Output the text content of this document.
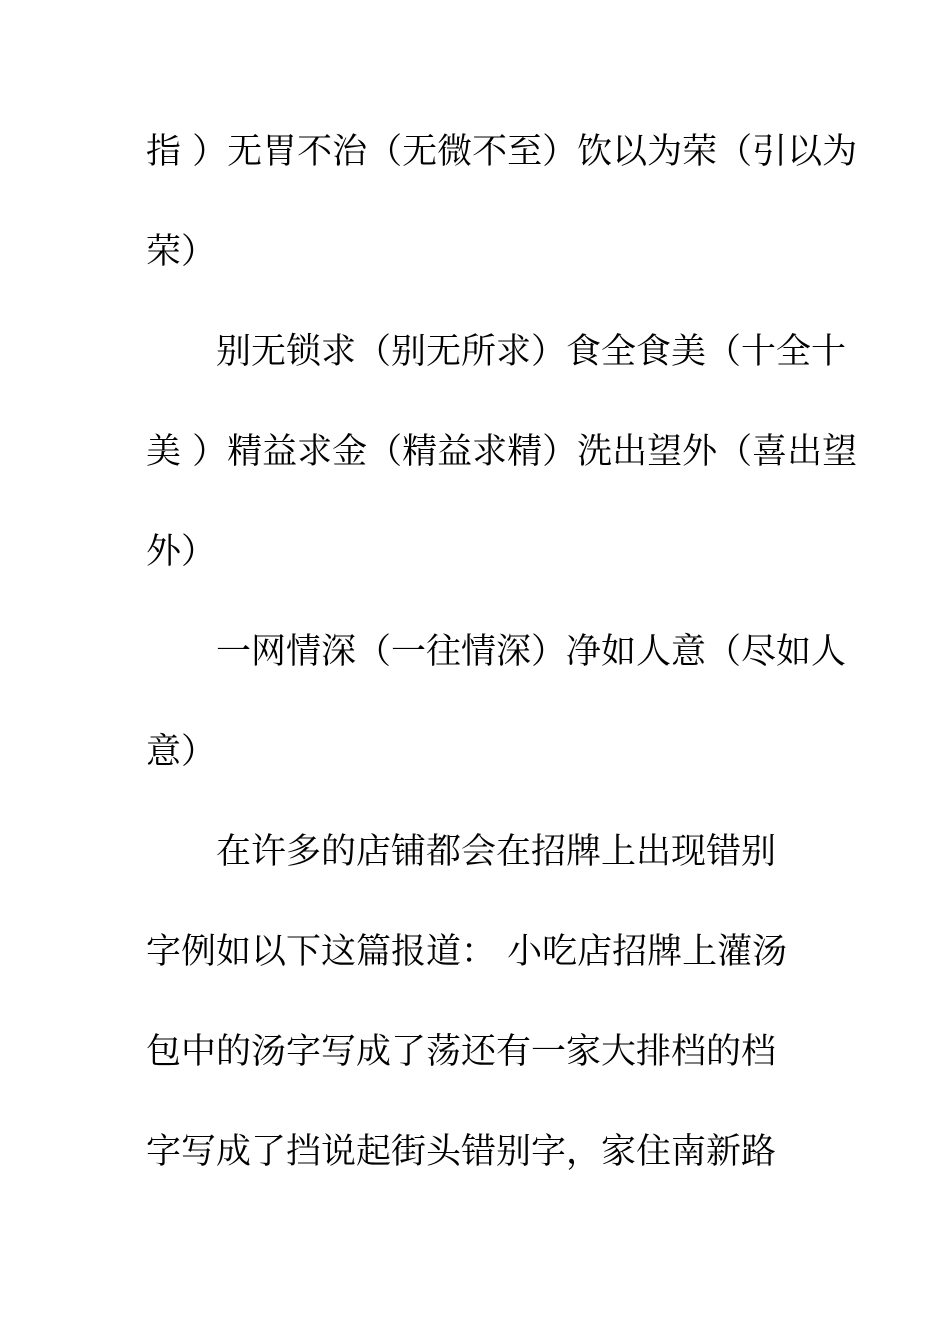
指 ）无胃不治（无微不至）饮以为荣（引以为
荣）
别无锁求（别无所求）食全食美（十全十
美 ）精益求金（精益求精）洗出望外（喜出望
外）
一网情深（一往情深）净如人意（尽如人
意）
在许多的店铺都会在招牌上出现错别
字例如以下这篇报道： 小吃店招牌上灌汤
包中的汤字写成了荡还有一家大排档的档
字写成了挡说起街头错别字，家住南新路
